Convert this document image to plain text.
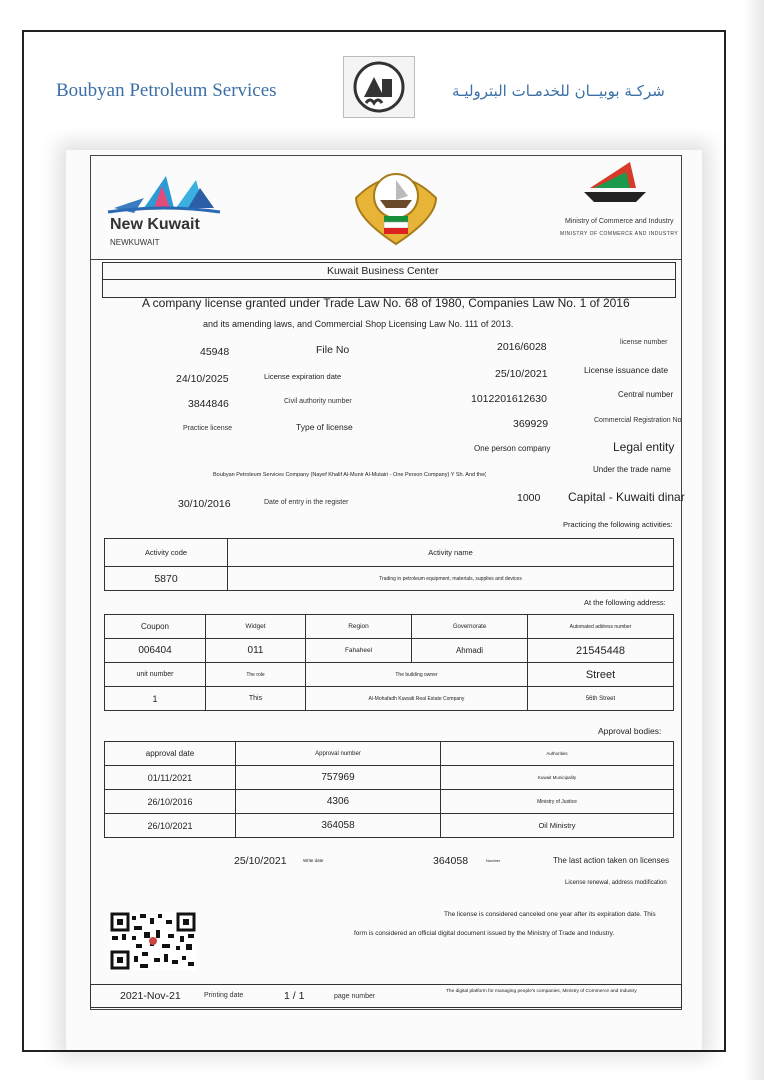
Boubyan Petroleum Services	شركـة بوبيــان للخدمـات البتروليـة
New Kuwait
NEWKUWAIT
Ministry of Commerce and Industry
MINISTRY OF COMMERCE AND INDUSTRY
Kuwait Business Center
A company license granted under Trade Law No. 68 of 1980, Companies Law No. 1 of 2016
and its amending laws, and Commercial Shop Licensing Law No. 111 of 2013.
45948	File No	2016/6028	license number
24/10/2025	License expiration date	25/10/2021	License issuance date
3844846	Civil authority number	1012201612630	Central number
Practice license	Type of license	369929	Commercial Registration No
One person company	Legal entity
Boubyan Petroleum Services Company (Nayef Khalif Al-Munir Al-Mutairi - One Person Company) Y Sh. And the(
Under the trade name
30/10/2016	Date of entry in the register	1000 Capital - Kuwaiti dinar
Practicing the following activities:
Activity code	Activity name
5870	Trading in petroleum equipment, materials, supplies and devices
At the following address:
Coupon	Widget	Region	Governorate	Automated address number
006404	011	Fahaheel	Ahmadi	21545448
unit number	The role	The building owner		Street
1	This	Al-Mohafadh Kuwaiti Real Estate Company		56th Street
Approval bodies:
approval date	Approval number	Authorities
01/11/2021	757969	Kuwait Municipality
26/10/2016	4306	Ministry of Justice
26/10/2021	364058	Oil Ministry
25/10/2021	Write date	364058	Number	The last action taken on licenses
License renewal, address modification
The license is considered canceled one year after its expiration date. This
form is considered an official digital document issued by the Ministry of Trade and Industry.
2021-Nov-21	Printing date	1 / 1	page number
The digital platform for managing people's companies, Ministry of Commerce and Industry
